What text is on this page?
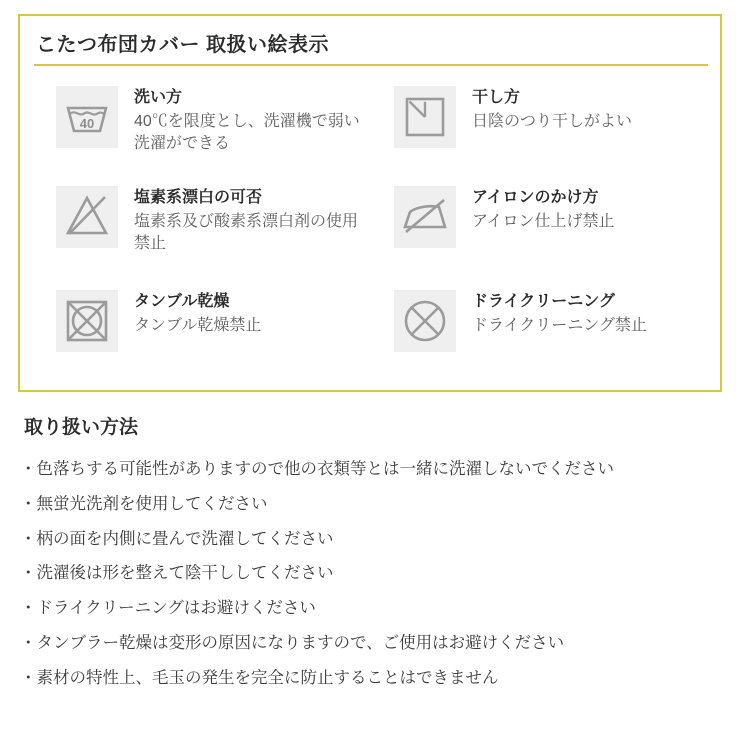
こたつ布団カバー 取扱い絵表示
40
洗い方
40℃を限度とし、洗濯機で弱い洗濯ができる
干し方
日陰のつり干しがよい
塩素系漂白の可否
塩素系及び酸素系漂白剤の使用禁止
アイロンのかけ方
アイロン仕上げ禁止
タンブル乾燥
タンブル乾燥禁止
ドライクリーニング
ドライクリーニング禁止
取り扱い方法
・色落ちする可能性がありますので他の衣類等とは一緒に洗濯しないでください
・無蛍光洗剤を使用してください
・柄の面を内側に畳んで洗濯してください
・洗濯後は形を整えて陰干ししてください
・ドライクリーニングはお避けください
・タンブラー乾燥は変形の原因になりますので、ご使用はお避けください
・素材の特性上、毛玉の発生を完全に防止することはできません
